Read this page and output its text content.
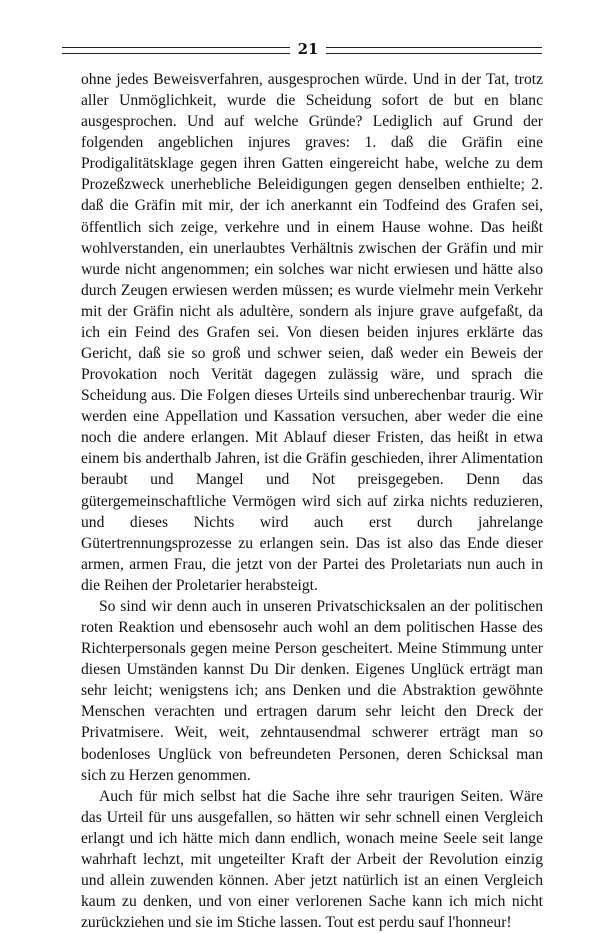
21

ohne jedes Beweisverfahren, ausgesprochen würde. Und in der Tat, trotz aller Unmöglichkeit, wurde die Scheidung sofort de but en blanc ausgesprochen. Und auf welche Gründe? Lediglich auf Grund der folgenden angeblichen injures graves: 1. daß die Gräfin eine Prodigalitätsklage gegen ihren Gatten eingereicht habe, welche zu dem Prozeßzweck unerhebliche Beleidigungen gegen denselben enthielte; 2. daß die Gräfin mit mir, der ich anerkannt ein Todfeind des Grafen sei, öffentlich sich zeige, verkehre und in einem Hause wohne. Das heißt wohlverstanden, ein unerlaubtes Verhältnis zwischen der Gräfin und mir wurde nicht angenommen; ein solches war nicht erwiesen und hätte also durch Zeugen erwiesen werden müssen; es wurde vielmehr mein Verkehr mit der Gräfin nicht als adultère, sondern als injure grave aufgefaßt, da ich ein Feind des Grafen sei. Von diesen beiden injures erklärte das Gericht, daß sie so groß und schwer seien, daß weder ein Beweis der Provokation noch Verität dagegen zulässig wäre, und sprach die Scheidung aus. Die Folgen dieses Urteils sind unberechenbar traurig. Wir werden eine Appellation und Kassation versuchen, aber weder die eine noch die andere erlangen. Mit Ablauf dieser Fristen, das heißt in etwa einem bis anderthalb Jahren, ist die Gräfin geschieden, ihrer Alimentation beraubt und Mangel und Not preisgegeben. Denn das gütergemeinschaftliche Vermögen wird sich auf zirka nichts reduzieren, und dieses Nichts wird auch erst durch jahrelange Gütertrennungsprozesse zu erlangen sein. Das ist also das Ende dieser armen, armen Frau, die jetzt von der Partei des Proletariats nun auch in die Reihen der Proletarier herabsteigt.

So sind wir denn auch in unseren Privatschicksalen an der politischen roten Reaktion und ebensosehr auch wohl an dem politischen Hasse des Richterpersonals gegen meine Person gescheitert. Meine Stimmung unter diesen Umständen kannst Du Dir denken. Eigenes Unglück erträgt man sehr leicht; wenigstens ich; ans Denken und die Abstraktion gewöhnte Menschen verachten und ertragen darum sehr leicht den Dreck der Privatmisere. Weit, weit, zehntausendmal schwerer erträgt man so bodenloses Unglück von befreundeten Personen, deren Schicksal man sich zu Herzen genommen.

Auch für mich selbst hat die Sache ihre sehr traurigen Seiten. Wäre das Urteil für uns ausgefallen, so hätten wir sehr schnell einen Vergleich erlangt und ich hätte mich dann endlich, wonach meine Seele seit lange wahrhaft lechzt, mit ungeteilter Kraft der Arbeit der Revolution einzig und allein zuwenden können. Aber jetzt natürlich ist an einen Vergleich kaum zu denken, und von einer verlorenen Sache kann ich mich nicht zurückziehen und sie im Stiche lassen. Tout est perdu sauf l'honneur!
